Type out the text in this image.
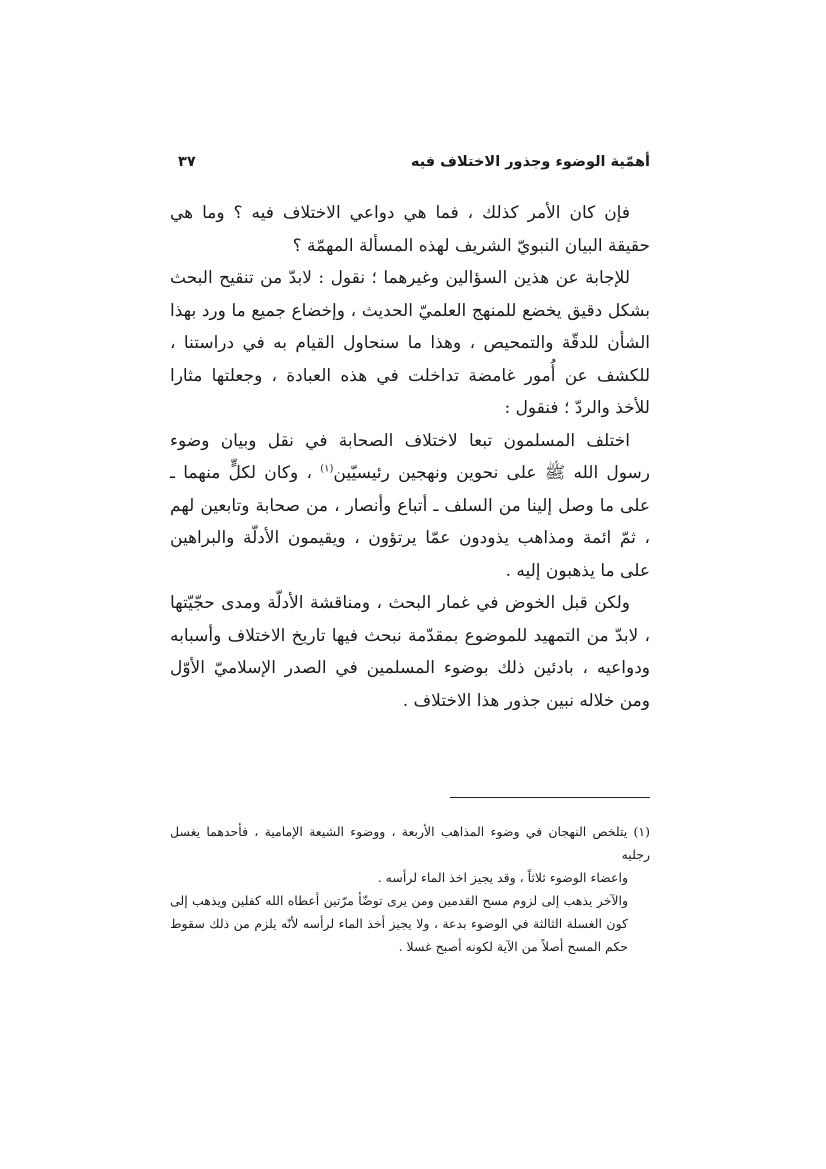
أهمّية الوضوء وجذور الاختلاف فيه
٣٧

فإن كان الأمر كذلك ، فما هي دواعي الاختلاف فيه ؟ وما هي حقيقة البيان النبويّ الشريف لهذه المسألة المهمّة ؟

للإجابة عن هذين السؤالين وغيرهما ؛ نقول : لابدّ من تنقيح البحث بشكل دقيق يخضع للمنهج العلميّ الحديث ، وإخضاع جميع ما ورد بهذا الشأن للدقّة والتمحيص ، وهذا ما سنحاول القيام به في دراستنا ، للكشف عن أُمور غامضة تداخلت في هذه العبادة ، وجعلتها مثارا للأخذ والردّ ؛ فنقول :

اختلف المسلمون تبعا لاختلاف الصحابة في نقل وبيان وضوء رسول الله ﷺ على نحوين ونهجين رئيسيّين$^{(١)}$ ، وكان لكلٍّ منهما ـ على ما وصل إلينا من السلف ـ أتباع وأنصار ، من صحابة وتابعين لهم ، ثمّ ائمة ومذاهب يذودون عمّا يرتؤون ، ويقيمون الأدلّة والبراهين على ما يذهبون إليه .

ولكن قبل الخوض في غمار البحث ، ومناقشة الأدلّة ومدى حجّيّتها ، لابدّ من التمهيد للموضوع بمقدّمة نبحث فيها تاريخ الاختلاف وأسبابه ودواعيه ، بادئين ذلك بوضوء المسلمين في الصدر الإسلاميّ الأوّل ومن خلاله نبين جذور هذا الاختلاف .

(١) يتلخص النهجان في وضوء المذاهب الأربعة ، ووضوء الشيعة الإمامية ، فأحدهما يغسل رجليه

واعضاء الوضوء ثلاثاً ، وقد يجيز اخذ الماء لرأسه .

والآخر يذهب إلى لزوم مسح القدمين ومن يرى توضّأ مرّتين أعطاه الله كفلين ويذهب إلى كون الغسلة الثالثة في الوضوء بدعة ، ولا يجيز أخذ الماء لرأسه لأنّه يلزم من ذلك سقوط حكم المسح أصلاً من الآية لكونه أصبح غسلا .
